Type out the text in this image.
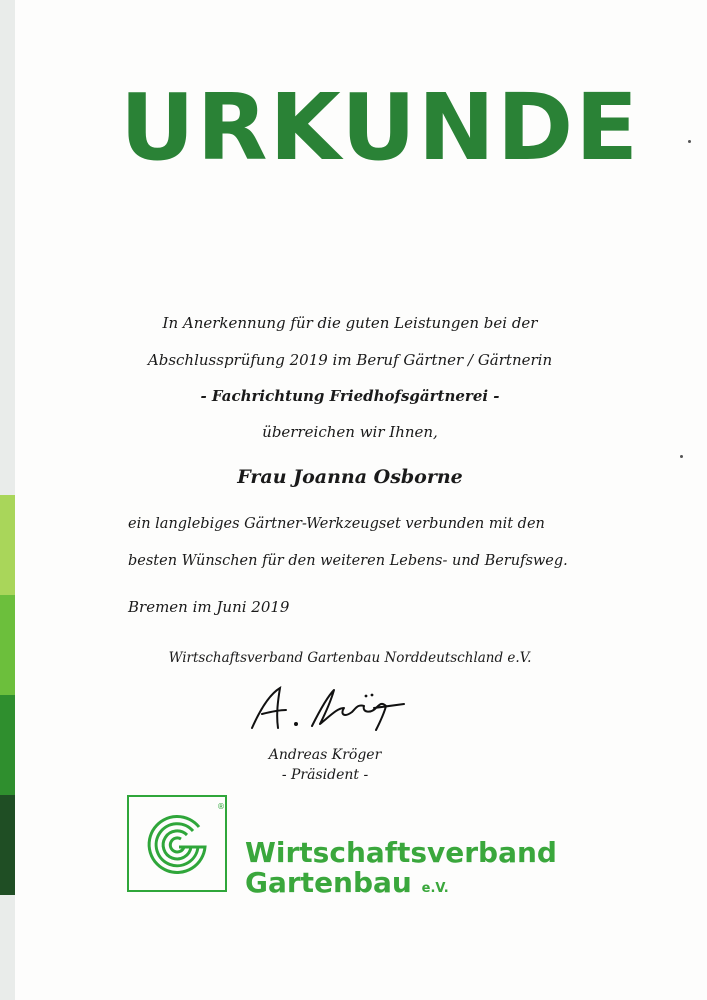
URKUNDE
In Anerkennung für die guten Leistungen bei der
Abschlussprüfung 2019 im Beruf Gärtner / Gärtnerin
- Fachrichtung Friedhofsgärtnerei -
überreichen wir Ihnen,
Frau Joanna Osborne
ein langlebiges Gärtner-Werkzeugset verbunden mit den
besten Wünschen für den weiteren Lebens- und Berufsweg.
Bremen im Juni 2019
Wirtschaftsverband Gartenbau Norddeutschland e.V.
Andreas Kröger
- Präsident -
®
Wirtschaftsverband
Gartenbau e.V.
